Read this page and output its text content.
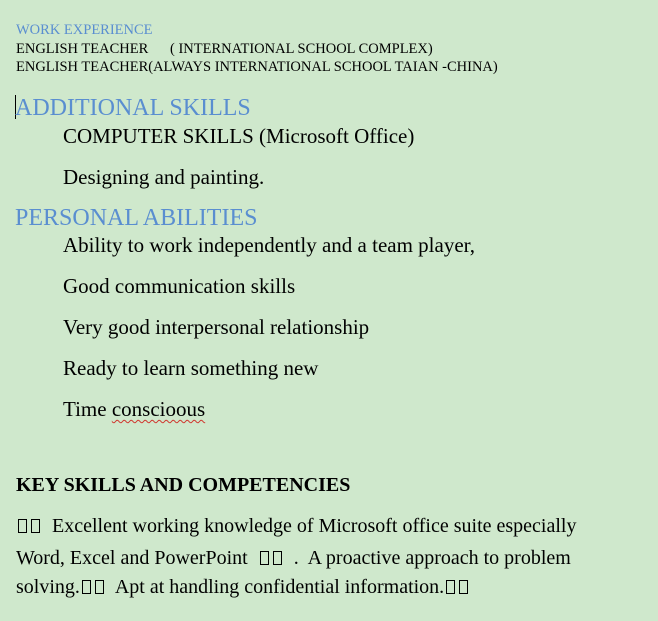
WORK EXPERIENCE
ENGLISH TEACHER      ( INTERNATIONAL SCHOOL COMPLEX)
ENGLISH TEACHER(ALWAYS INTERNATIONAL SCHOOL TAIAN -CHINA)
ADDITIONAL SKILLS
COMPUTER SKILLS (Microsoft Office)
Designing and painting.
PERSONAL ABILITIES
Ability to work independently and a team player,
Good communication skills
Very good interpersonal relationship
Ready to learn something new
Time conscioous
KEY SKILLS AND COMPETENCIES
Excellent working knowledge of Microsoft office suite especially
Word, Excel and PowerPoint .  A proactive approach to problem
solving. Apt at handling confidential information.
